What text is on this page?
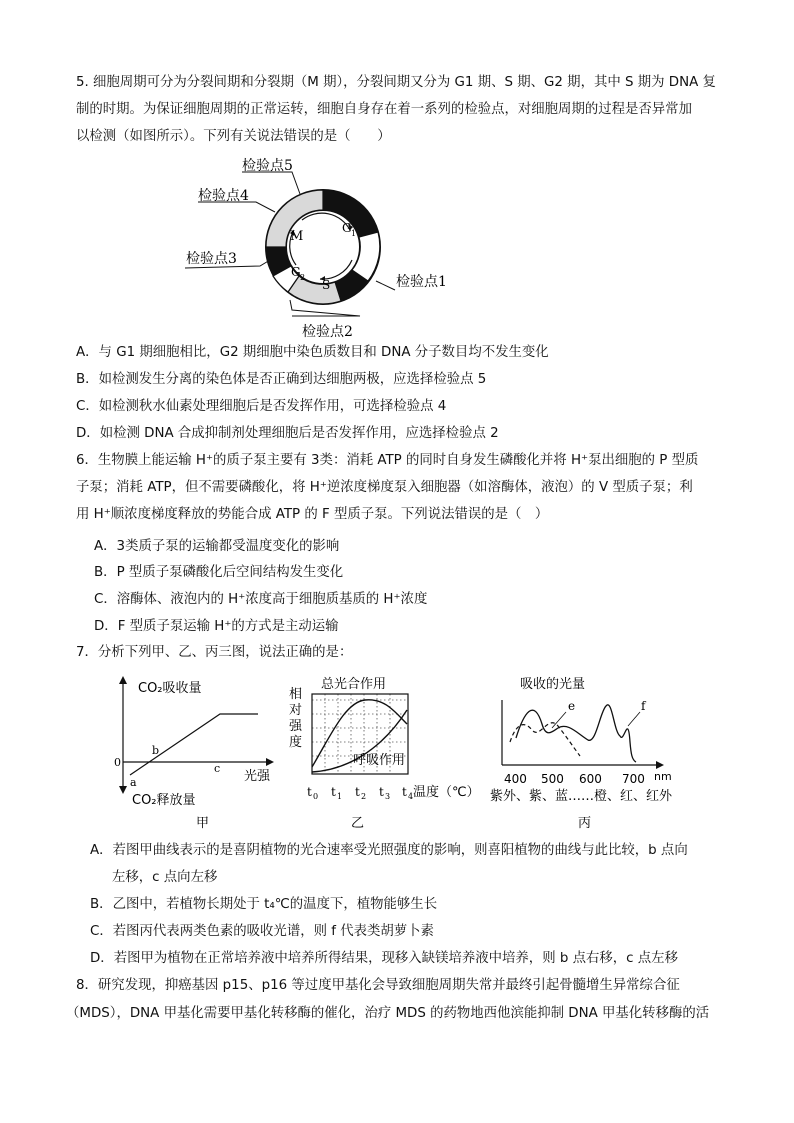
5. 细胞周期可分为分裂间期和分裂期（M 期），分裂间期又分为 G1 期、S 期、G2 期，其中 S 期为 DNA 复
制的时期。为保证细胞周期的正常运转，细胞自身存在着一系列的检验点，对细胞周期的过程是否异常加
以检测（如图所示）。下列有关说法错误的是（　　）
M
G 1
G 2
S
检验点5
检验点4
检验点3
检验点1
检验点2
A．与 G1 期细胞相比，G2 期细胞中染色质数目和 DNA 分子数目均不发生变化
B．如检测发生分离的染色体是否正确到达细胞两极，应选择检验点 5
C．如检测秋水仙素处理细胞后是否发挥作用，可选择检验点 4
D．如检测 DNA 合成抑制剂处理细胞后是否发挥作用，应选择检验点 2
6．生物膜上能运输 H⁺的质子泵主要有 3类：消耗 ATP 的同时自身发生磷酸化并将 H⁺泵出细胞的 P 型质
子泵；消耗 ATP，但不需要磷酸化，将 H⁺逆浓度梯度泵入细胞器（如溶酶体，液泡）的 V 型质子泵；利
用 H⁺顺浓度梯度释放的势能合成 ATP 的 F 型质子泵。下列说法错误的是（　）
A．3类质子泵的运输都受温度变化的影响
B．P 型质子泵磷酸化后空间结构发生变化
C．溶酶体、液泡内的 H⁺浓度高于细胞质基质的 H⁺浓度
D．F 型质子泵运输 H⁺的方式是主动运输
7．分析下列甲、乙、丙三图，说法正确的是：
CO₂吸收量
0
a
b
c
光强
CO₂释放量
甲
总光合作用
相
对
强
度
呼吸作用
t 0 t 1 t 2 t 3 t 4 温度（℃）
乙
吸收的光量
e	f
400 500 600 700 nm
紫外、紫、蓝……橙、红、红外
丙
A．若图甲曲线表示的是喜阴植物的光合速率受光照强度的影响，则喜阳植物的曲线与此比较，b 点向
左移，c 点向左移
B．乙图中，若植物长期处于 t₄℃的温度下，植物能够生长
C．若图丙代表两类色素的吸收光谱，则 f 代表类胡萝卜素
D．若图甲为植物在正常培养液中培养所得结果，现移入缺镁培养液中培养，则 b 点右移，c 点左移
8．研究发现，抑癌基因 p15、p16 等过度甲基化会导致细胞周期失常并最终引起骨髓增生异常综合征
（MDS），DNA 甲基化需要甲基化转移酶的催化，治疗 MDS 的药物地西他滨能抑制 DNA 甲基化转移酶的活
